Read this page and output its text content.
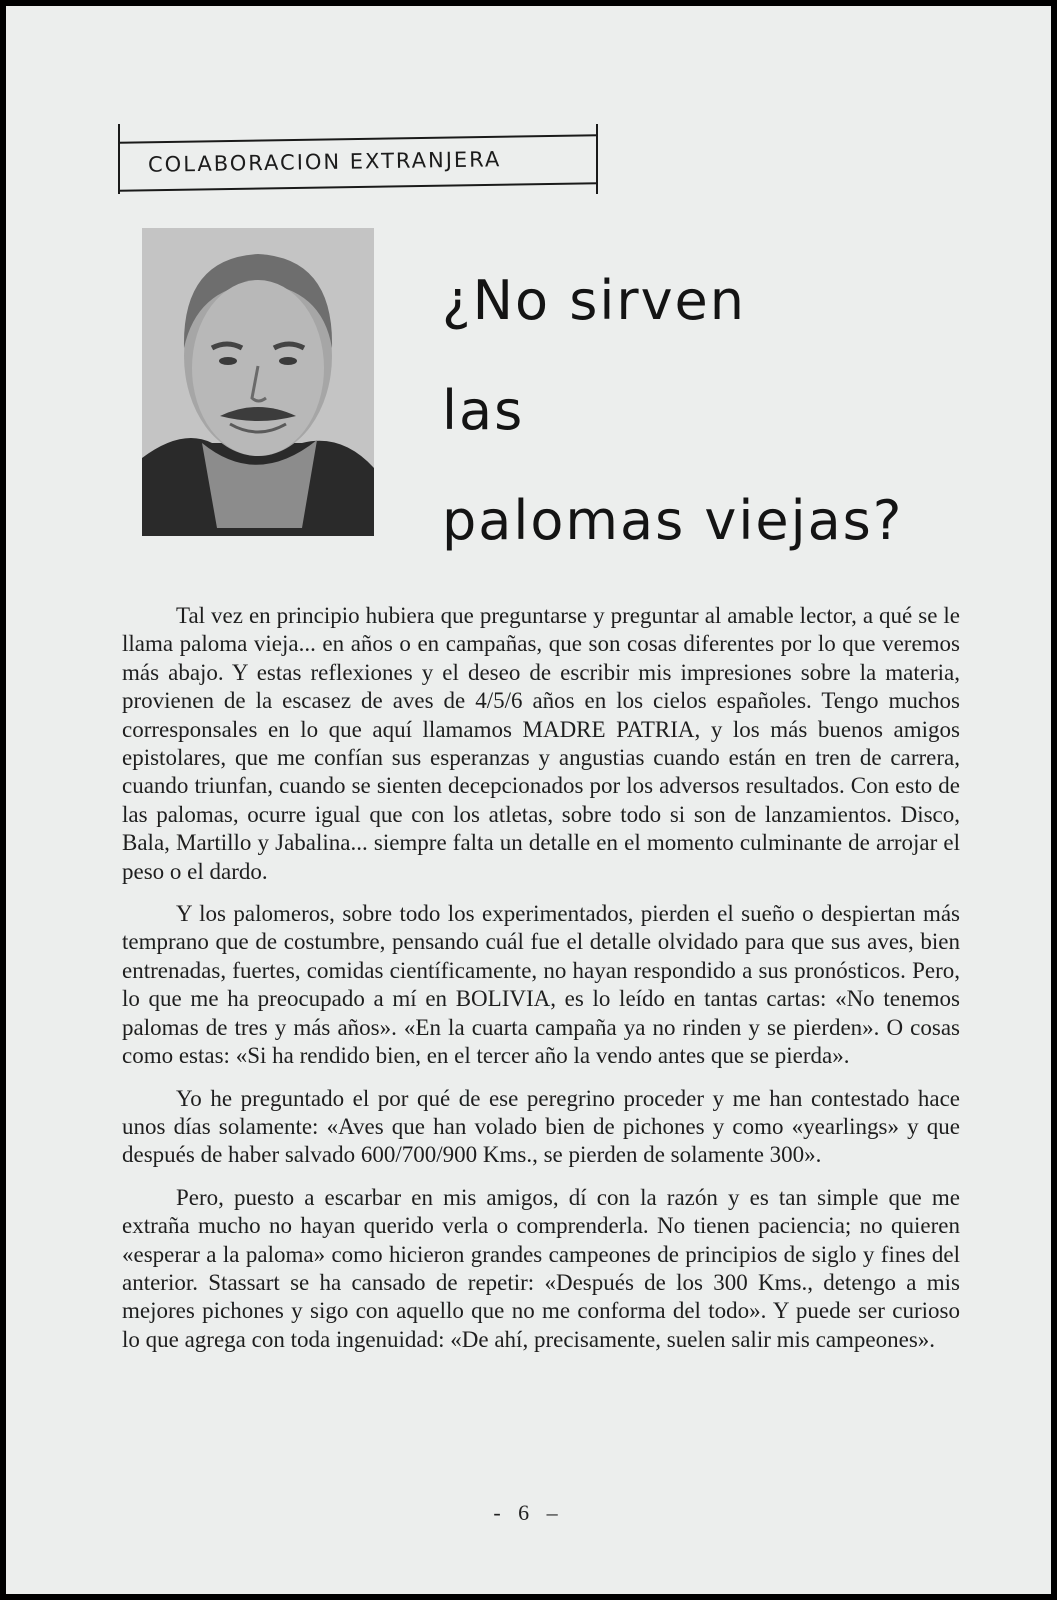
COLABORACION EXTRANJERA
¿No sirven
las
palomas viejas?

Tal vez en principio hubiera que preguntarse y preguntar al amable lector, a qué se le llama paloma vieja... en años o en campañas, que son cosas diferentes por lo que veremos más abajo. Y estas reflexiones y el deseo de escribir mis impresiones sobre la materia, provienen de la escasez de aves de 4/5/6 años en los cielos españoles. Tengo muchos corresponsales en lo que aquí llamamos MADRE PATRIA, y los más buenos amigos epistolares, que me confían sus esperanzas y angustias cuando están en tren de carrera, cuando triunfan, cuando se sienten decepcionados por los adversos resultados. Con esto de las palomas, ocurre igual que con los atletas, sobre todo si son de lanzamientos. Disco, Bala, Martillo y Jabalina... siempre falta un detalle en el momento culminante de arrojar el peso o el dardo.

Y los palomeros, sobre todo los experimentados, pierden el sueño o despiertan más temprano que de costumbre, pensando cuál fue el detalle olvidado para que sus aves, bien entrenadas, fuertes, comidas científicamente, no hayan respondido a sus pronósticos. Pero, lo que me ha preocupado a mí en BOLIVIA, es lo leído en tantas cartas: «No tenemos palomas de tres y más años». «En la cuarta campaña ya no rinden y se pierden». O cosas como estas: «Si ha rendido bien, en el tercer año la vendo antes que se pierda».

Yo he preguntado el por qué de ese peregrino proceder y me han contestado hace unos días solamente: «Aves que han volado bien de pichones y como «yearlings» y que después de haber salvado 600/700/900 Kms., se pierden de solamente 300».

Pero, puesto a escarbar en mis amigos, dí con la razón y es tan simple que me extraña mucho no hayan querido verla o comprenderla. No tienen paciencia; no quieren «esperar a la paloma» como hicieron grandes campeones de principios de siglo y fines del anterior. Stassart se ha cansado de repetir: «Después de los 300 Kms., detengo a mis mejores pichones y sigo con aquello que no me conforma del todo». Y puede ser curioso lo que agrega con toda ingenuidad: «De ahí, precisamente, suelen salir mis campeones».

- 6 –
